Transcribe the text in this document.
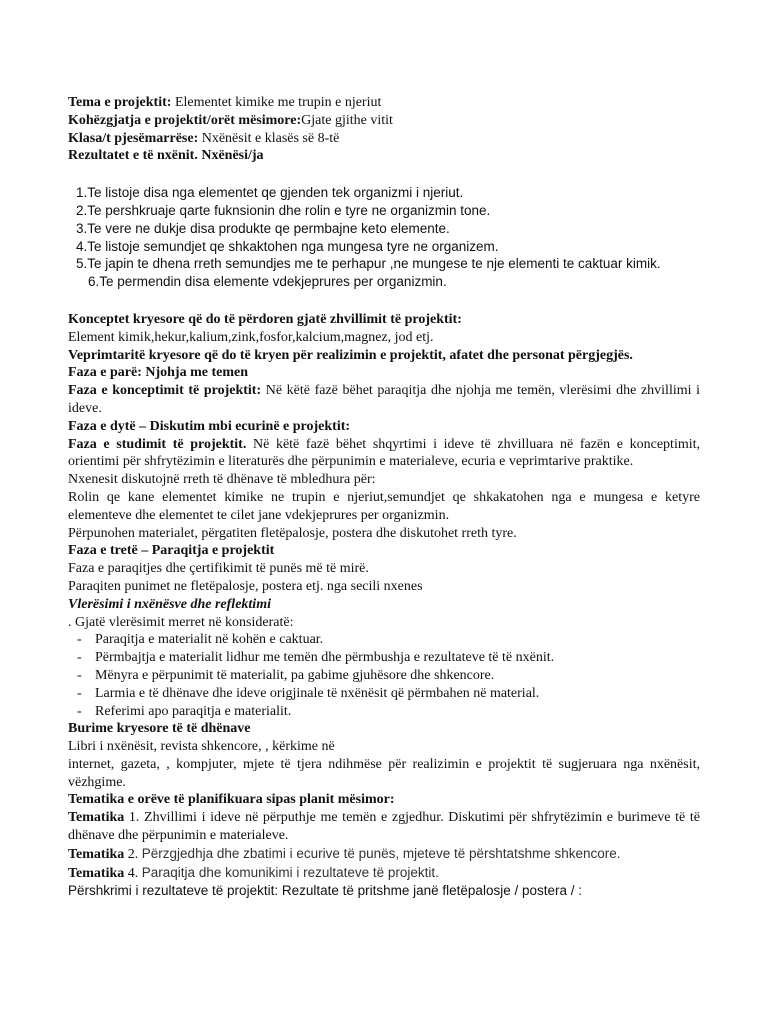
Tema e projektit: Elementet kimike me trupin e njeriut

Kohëzgjatja e projektit/orët mësimore:Gjate gjithe vitit

Klasa/t pjesëmarrëse: Nxënësit e klasës së 8-të

Rezultatet e të nxënit. Nxënësi/ja

1.Te listoje disa nga elementet qe gjenden tek organizmi i njeriut.
2.Te pershkruaje qarte fuknsionin dhe rolin e tyre ne organizmin tone.
3.Te vere ne dukje disa produkte qe permbajne keto elemente.
4.Te listoje semundjet qe shkaktohen nga mungesa tyre ne organizem.
5.Te japin te dhena rreth semundjes me te perhapur ,ne mungese te nje elementi te caktuar kimik.
6.Te permendin disa elemente vdekjeprures per organizmin.

Konceptet kryesore që do të përdoren gjatë zhvillimit të projektit:

Element kimik,hekur,kalium,zink,fosfor,kalcium,magnez, jod etj.

Veprimtaritë kryesore që do të kryen për realizimin e projektit, afatet dhe personat përgjegjës.

Faza e parë: Njohja me temen

Faza e konceptimit të projektit: Në këtë fazë bëhet paraqitja dhe njohja me temën, vlerësimi dhe zhvillimi i ideve.

Faza e dytë – Diskutim mbi ecurinë e projektit:

Faza e studimit të projektit. Në këtë fazë bëhet shqyrtimi i ideve të zhvilluara në fazën e konceptimit, orientimi për shfrytëzimin e literaturës dhe përpunimin e materialeve, ecuria e veprimtarive praktike.

Nxenesit diskutojnë rreth të dhënave të mbledhura për:

Rolin qe kane elementet kimike ne trupin e njeriut,semundjet qe shkakatohen nga e mungesa e ketyre elementeve dhe elementet te cilet jane vdekjeprures per organizmin.

Përpunohen materialet, përgatiten fletëpalosje, postera dhe diskutohet rreth tyre.

Faza e tretë – Paraqitja e projektit

Faza e paraqitjes dhe çertifikimit të punës më të mirë.

Paraqiten punimet ne fletëpalosje, postera etj. nga secili nxenes

Vlerësimi i nxënësve dhe reflektimi

. Gjatë vlerësimit merret në konsideratë:

- Paraqitja e materialit në kohën e caktuar.
- Përmbajtja e materialit lidhur me temën dhe përmbushja e rezultateve të të nxënit.
- Mënyra e përpunimit të materialit, pa gabime gjuhësore dhe shkencore.
- Larmia e të dhënave dhe ideve origjinale të nxënësit që përmbahen në material.
- Referimi apo paraqitja e materialit.

Burime kryesore të të dhënave

Libri i nxënësit, revista shkencore, , kërkime në

internet, gazeta, , kompjuter, mjete të tjera ndihmëse për realizimin e projektit të sugjeruara nga nxënësit, vëzhgime.

Tematika e orëve të planifikuara sipas planit mësimor:

Tematika 1. Zhvillimi i ideve në përputhje me temën e zgjedhur. Diskutimi për shfrytëzimin e burimeve të të dhënave dhe përpunimin e materialeve.

Tematika 2. Përzgjedhja dhe zbatimi i ecurive të punës, mjeteve të përshtatshme shkencore.

Tematika 4. Paraqitja dhe komunikimi i rezultateve të projektit.

Përshkrimi i rezultateve të projektit: Rezultate të pritshme janë fletëpalosje / postera / :
